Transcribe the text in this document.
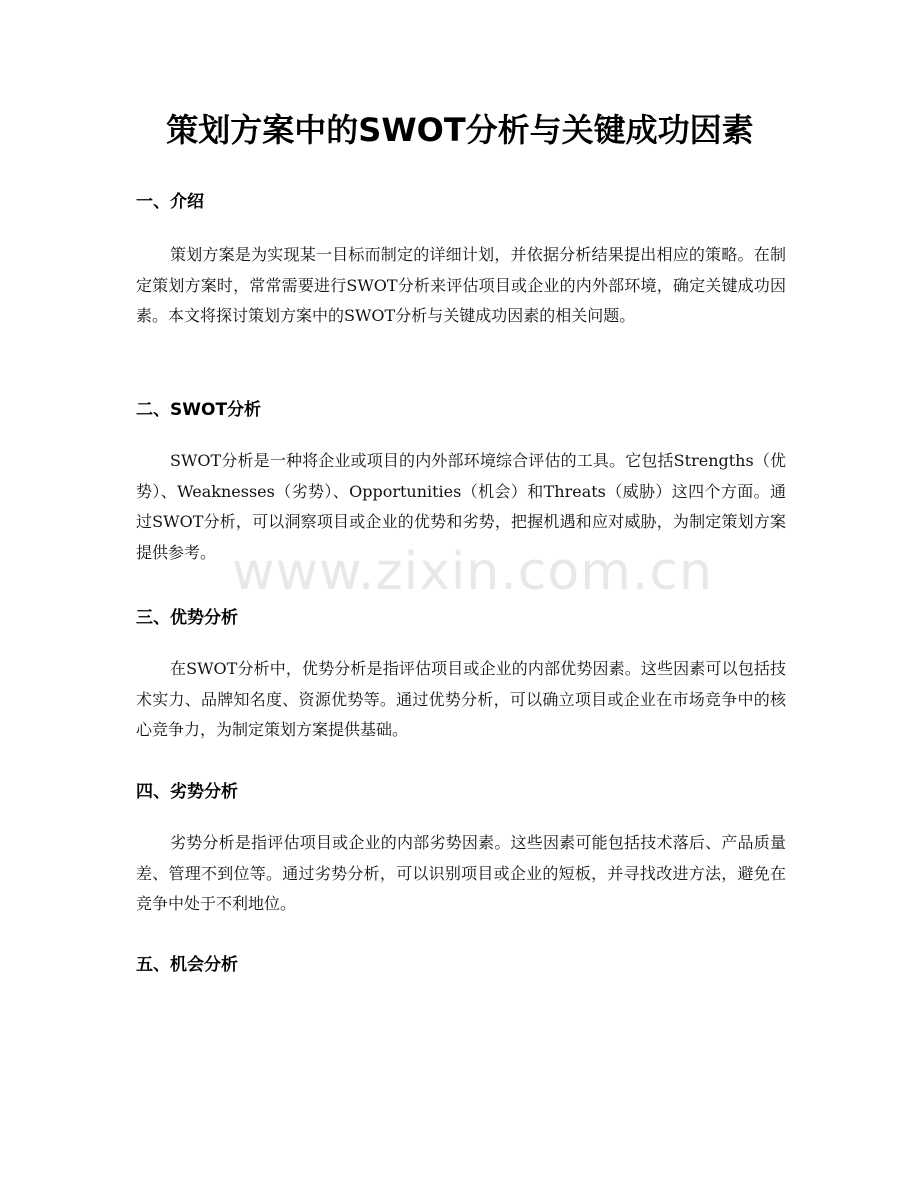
策划方案中的SWOT分析与关键成功因素
一、介绍

策划方案是为实现某一目标而制定的详细计划，并依据分析结果提出相应的策略。在制定策划方案时，常常需要进行SWOT分析来评估项目或企业的内外部环境，确定关键成功因素。本文将探讨策划方案中的SWOT分析与关键成功因素的相关问题。

二、SWOT分析

SWOT分析是一种将企业或项目的内外部环境综合评估的工具。它包括Strengths（优势）、Weaknesses（劣势）、Opportunities（机会）和Threats（威胁）这四个方面。通过SWOT分析，可以洞察项目或企业的优势和劣势，把握机遇和应对威胁，为制定策划方案提供参考。

三、优势分析

在SWOT分析中，优势分析是指评估项目或企业的内部优势因素。这些因素可以包括技术实力、品牌知名度、资源优势等。通过优势分析，可以确立项目或企业在市场竞争中的核心竞争力，为制定策划方案提供基础。

四、劣势分析

劣势分析是指评估项目或企业的内部劣势因素。这些因素可能包括技术落后、产品质量差、管理不到位等。通过劣势分析，可以识别项目或企业的短板，并寻找改进方法，避免在竞争中处于不利地位。

五、机会分析
www.zixin.com.cn
